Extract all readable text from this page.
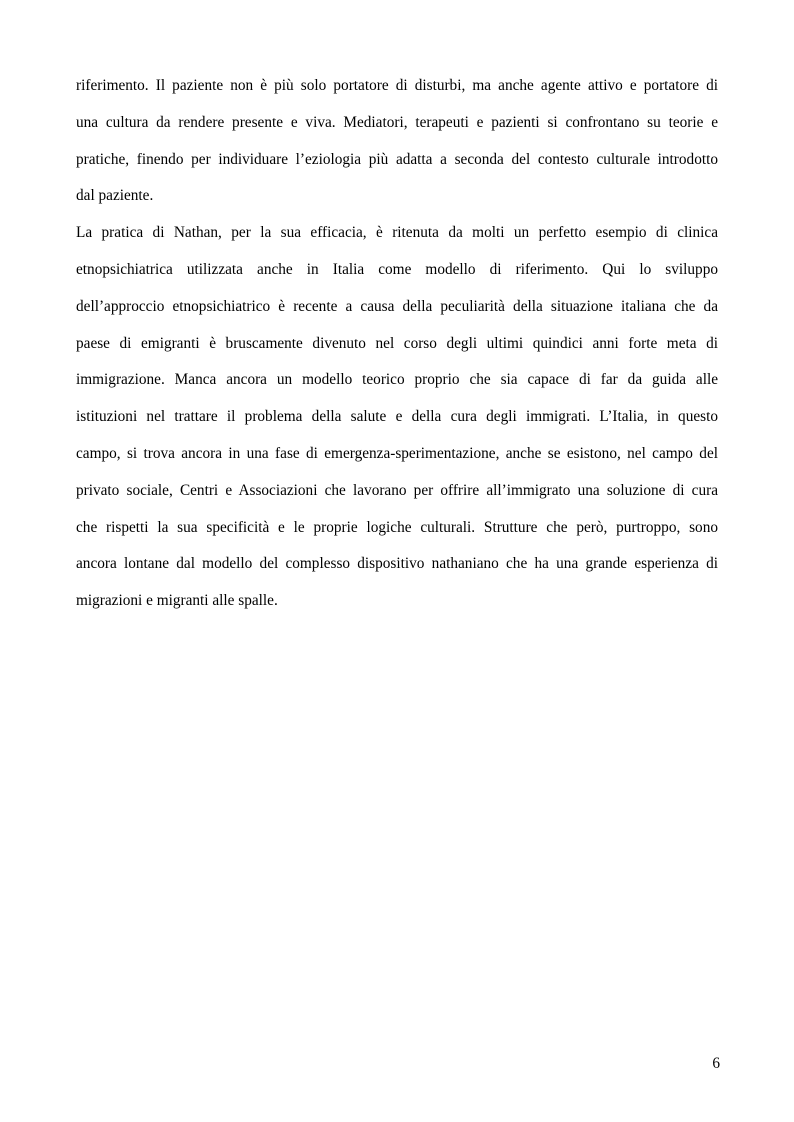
riferimento. Il paziente non è più solo portatore di disturbi, ma anche agente attivo e portatore di
una cultura da rendere presente e viva. Mediatori, terapeuti e pazienti si confrontano su teorie e
pratiche, finendo per individuare l’eziologia più adatta a seconda del contesto culturale introdotto
dal paziente.
La pratica di Nathan, per la sua efficacia, è ritenuta da molti un perfetto esempio di clinica
etnopsichiatrica utilizzata anche in Italia come modello di riferimento. Qui lo sviluppo
dell’approccio etnopsichiatrico è recente a causa della peculiarità della situazione italiana che da
paese di emigranti è bruscamente divenuto nel corso degli ultimi quindici anni forte meta di
immigrazione. Manca ancora un modello teorico proprio che sia capace di far da guida alle
istituzioni nel trattare il problema della salute e della cura degli immigrati. L’Italia, in questo
campo, si trova ancora in una fase di emergenza-sperimentazione, anche se esistono, nel campo del
privato sociale, Centri e Associazioni che lavorano per offrire all’immigrato una soluzione di cura
che rispetti la sua specificità e le proprie logiche culturali. Strutture che però, purtroppo, sono
ancora lontane dal modello del complesso dispositivo nathaniano che ha una grande esperienza di
migrazioni e migranti alle spalle.
6
